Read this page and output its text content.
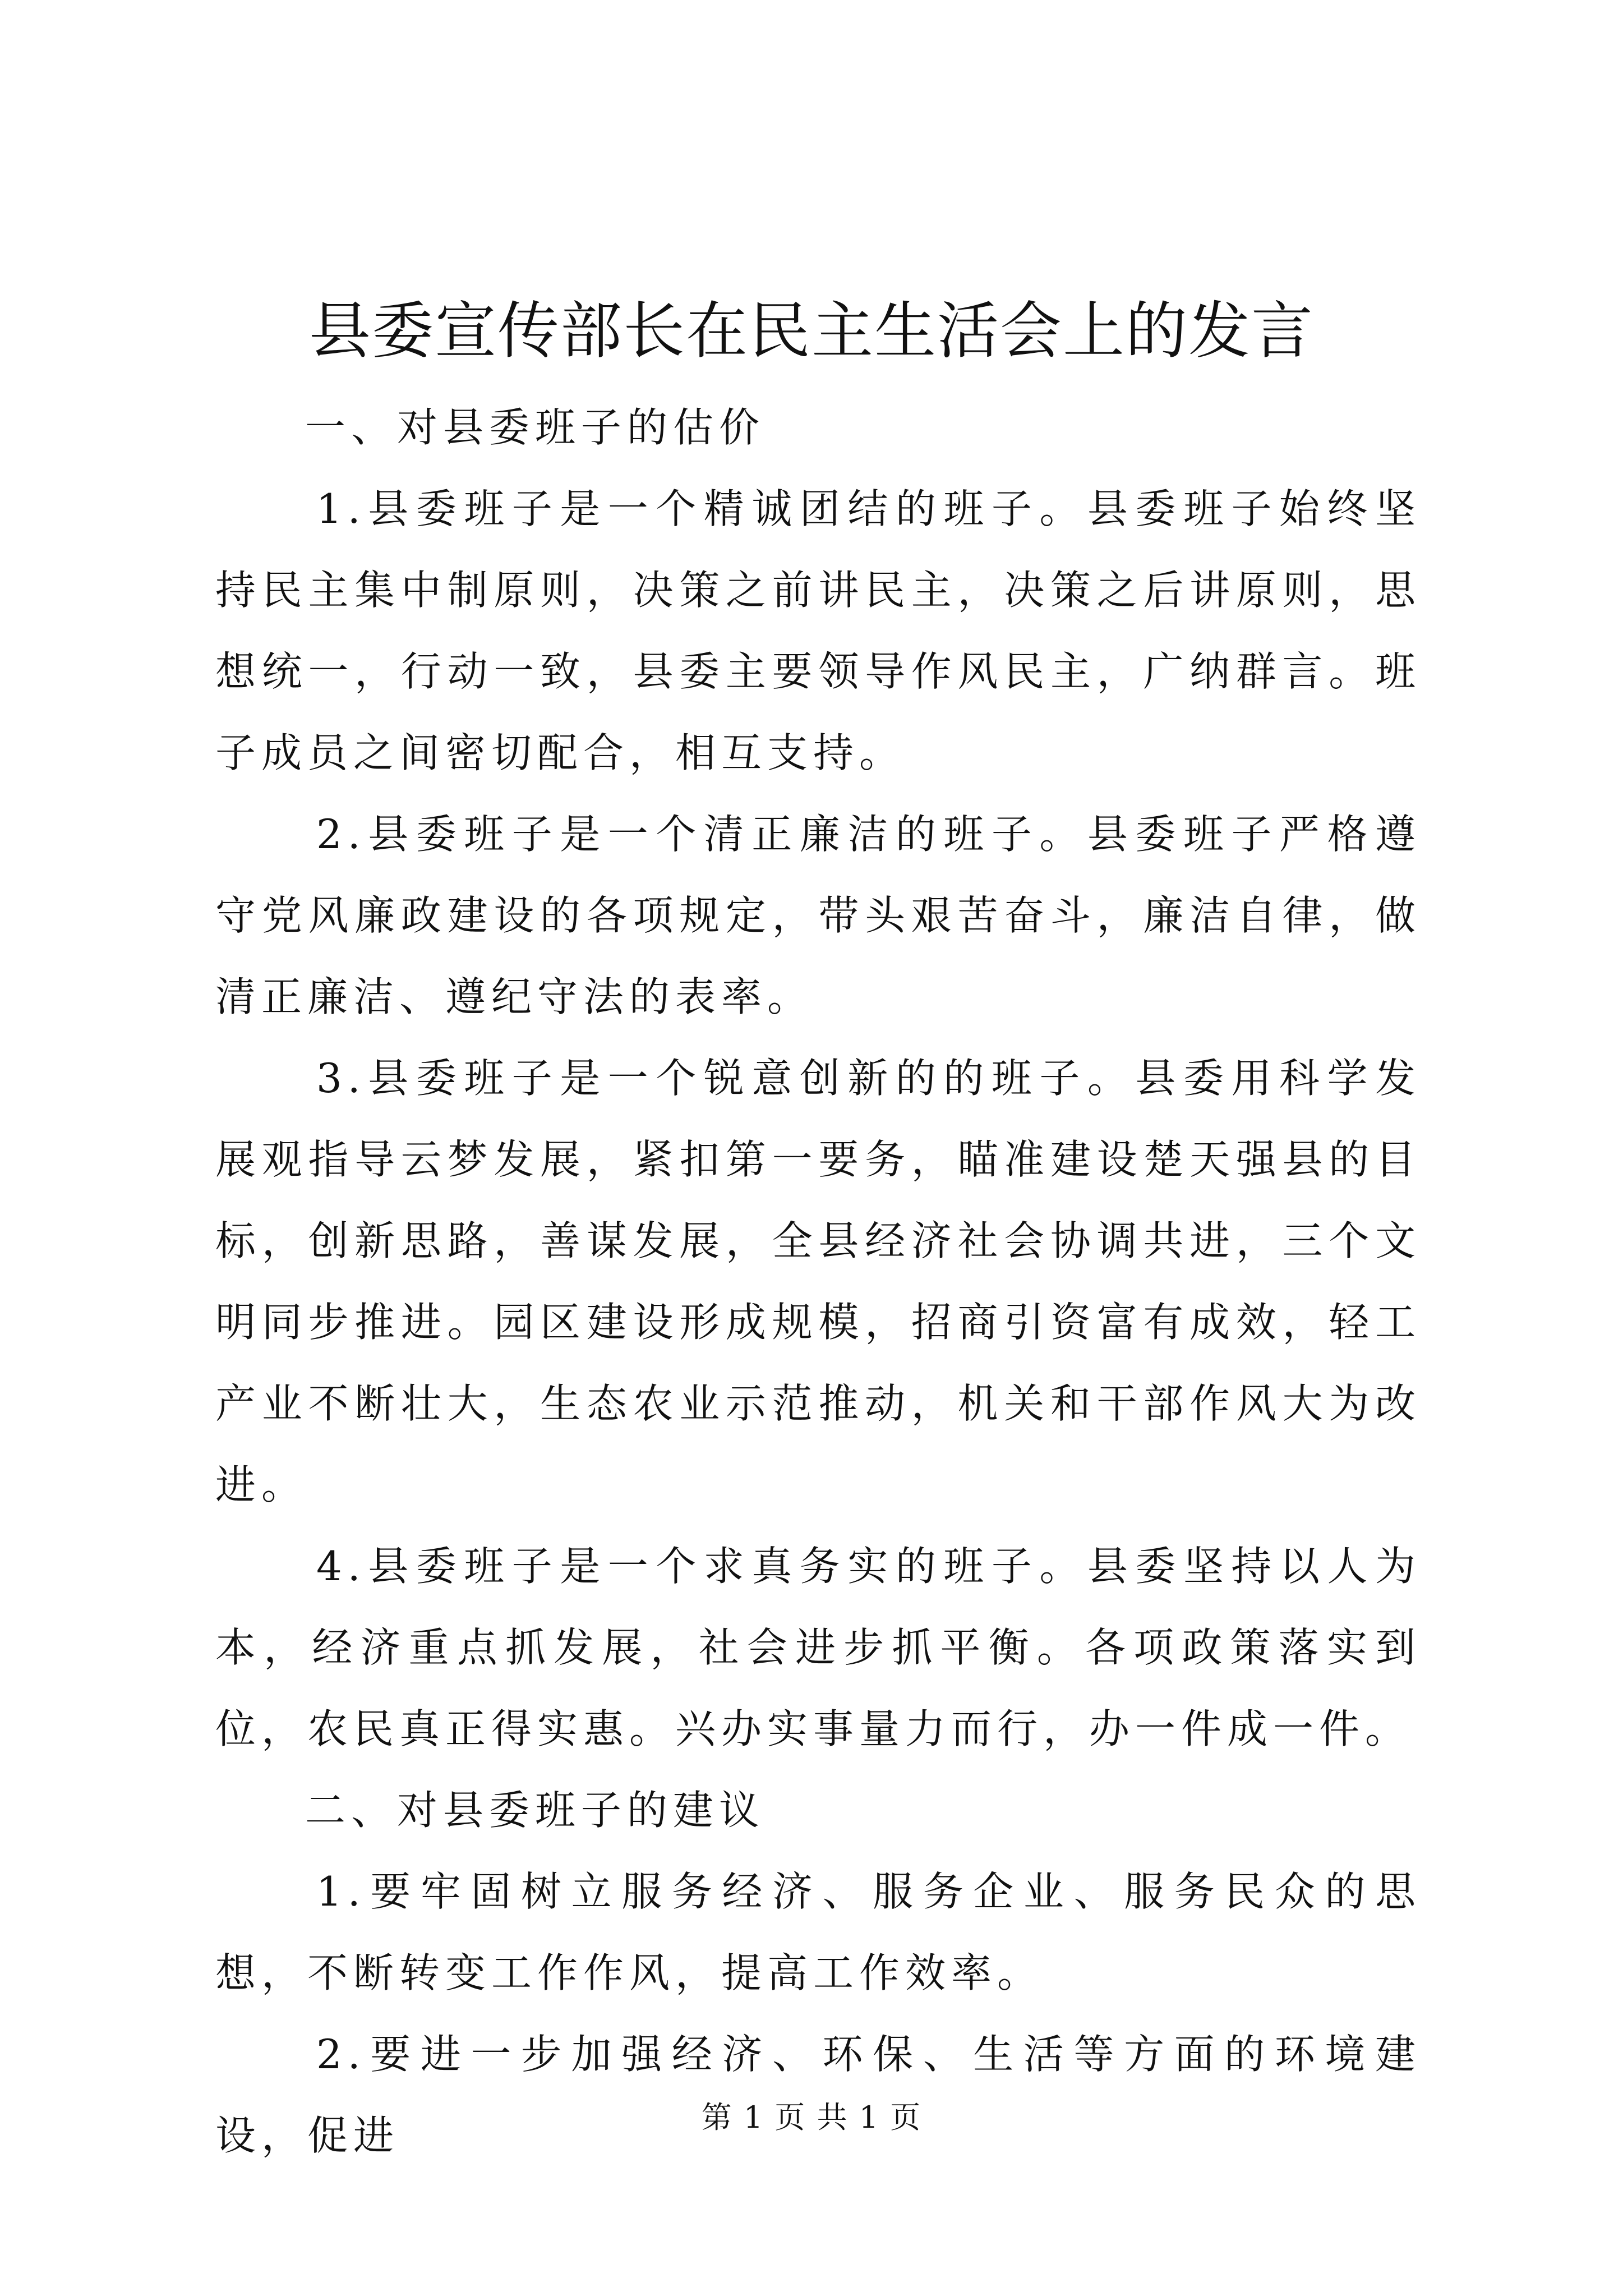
县委宣传部长在民主生活会上的发言

一、对县委班子的估价

1.县委班子是一个精诚团结的班子。县委班子始终坚持民主集中制原则，决策之前讲民主，决策之后讲原则，思想统一，行动一致，县委主要领导作风民主，广纳群言。班子成员之间密切配合，相互支持。

2.县委班子是一个清正廉洁的班子。县委班子严格遵守党风廉政建设的各项规定，带头艰苦奋斗，廉洁自律，做清正廉洁、遵纪守法的表率。

3.县委班子是一个锐意创新的的班子。县委用科学发展观指导云梦发展，紧扣第一要务，瞄准建设楚天强县的目标，创新思路，善谋发展，全县经济社会协调共进，三个文明同步推进。园区建设形成规模，招商引资富有成效，轻工产业不断壮大，生态农业示范推动，机关和干部作风大为改进。

4.县委班子是一个求真务实的班子。县委坚持以人为本，经济重点抓发展，社会进步抓平衡。各项政策落实到位，农民真正得实惠。兴办实事量力而行，办一件成一件。

二、对县委班子的建议

1.要牢固树立服务经济、服务企业、服务民众的思想，不断转变工作作风，提高工作效率。

2.要进一步加强经济、环保、生活等方面的环境建设，促进	第 1 页 共 1 页
